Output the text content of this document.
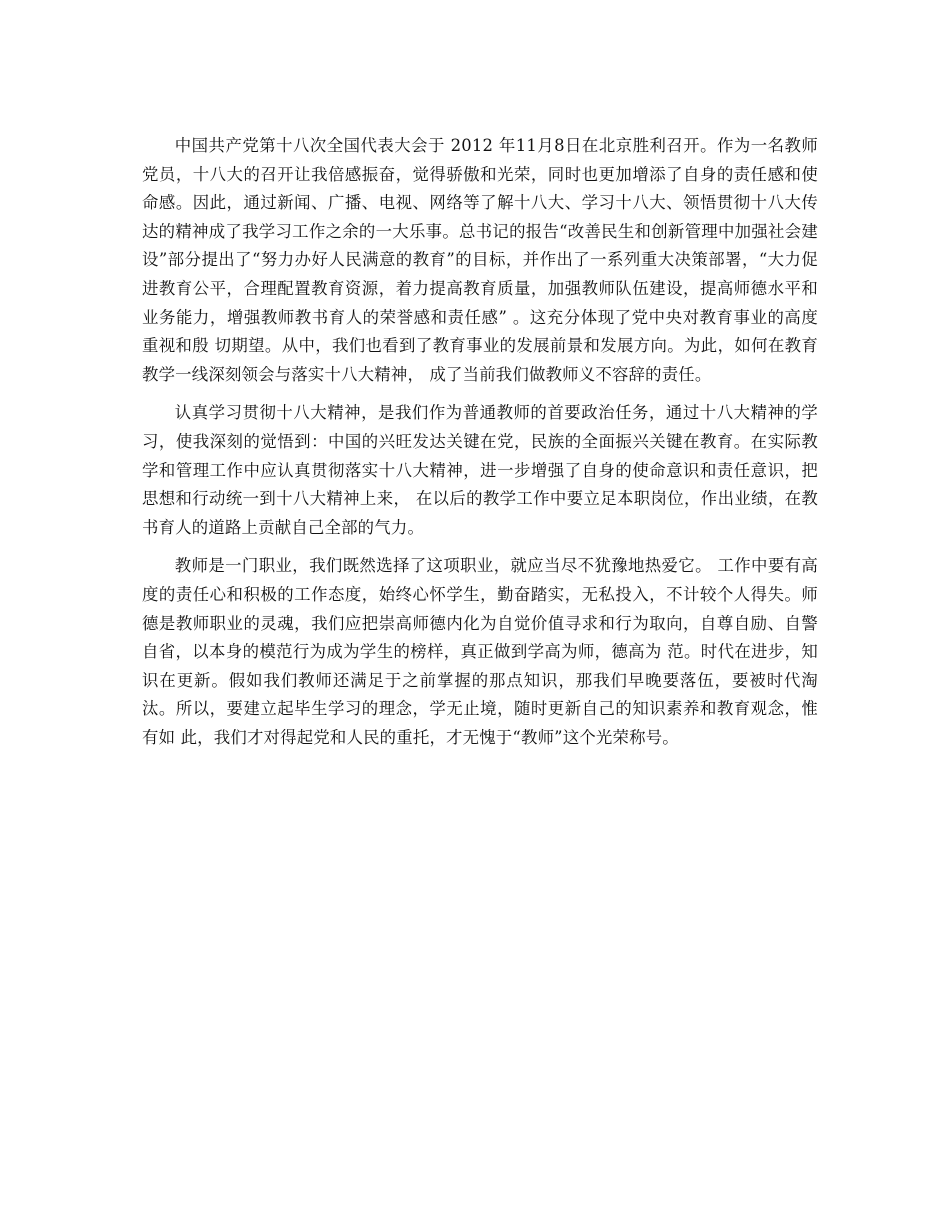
中国共产党第十八次全国代表大会于 2012 年11月8日在北京胜利召开。作为一名教师党员，十八大的召开让我倍感振奋，觉得骄傲和光荣，同时也更加增添了自身的责任感和使命感。因此，通过新闻、广播、电视、网络等了解十八大、学习十八大、领悟贯彻十八大传达的精神成了我学习工作之余的一大乐事。总书记的报告“改善民生和创新管理中加强社会建设”部分提出了“努力办好人民满意的教育”的目标，并作出了一系列重大决策部署，“大力促进教育公平，合理配置教育资源，着力提高教育质量，加强教师队伍建设，提高师德水平和业务能力，增强教师教书育人的荣誉感和责任感” 。这充分体现了党中央对教育事业的高度重视和殷 切期望。从中，我们也看到了教育事业的发展前景和发展方向。为此，如何在教育教学一线深刻领会与落实十八大精神， 成了当前我们做教师义不容辞的责任。

认真学习贯彻十八大精神，是我们作为普通教师的首要政治任务，通过十八大精神的学习，使我深刻的觉悟到：中国的兴旺发达关键在党，民族的全面振兴关键在教育。在实际教学和管理工作中应认真贯彻落实十八大精神，进一步增强了自身的使命意识和责任意识，把思想和行动统一到十八大精神上来， 在以后的教学工作中要立足本职岗位，作出业绩，在教书育人的道路上贡献自己全部的气力。

教师是一门职业，我们既然选择了这项职业，就应当尽不犹豫地热爱它。 工作中要有高度的责任心和积极的工作态度，始终心怀学生，勤奋踏实，无私投入，不计较个人得失。师德是教师职业的灵魂，我们应把崇高师德内化为自觉价值寻求和行为取向，自尊自励、自警自省，以本身的模范行为成为学生的榜样，真正做到学高为师，德高为 范。时代在进步，知识在更新。假如我们教师还满足于之前掌握的那点知识，那我们早晚要落伍，要被时代淘汰。所以，要建立起毕生学习的理念，学无止境，随时更新自己的知识素养和教育观念，惟有如 此，我们才对得起党和人民的重托，才无愧于“教师”这个光荣称号。
